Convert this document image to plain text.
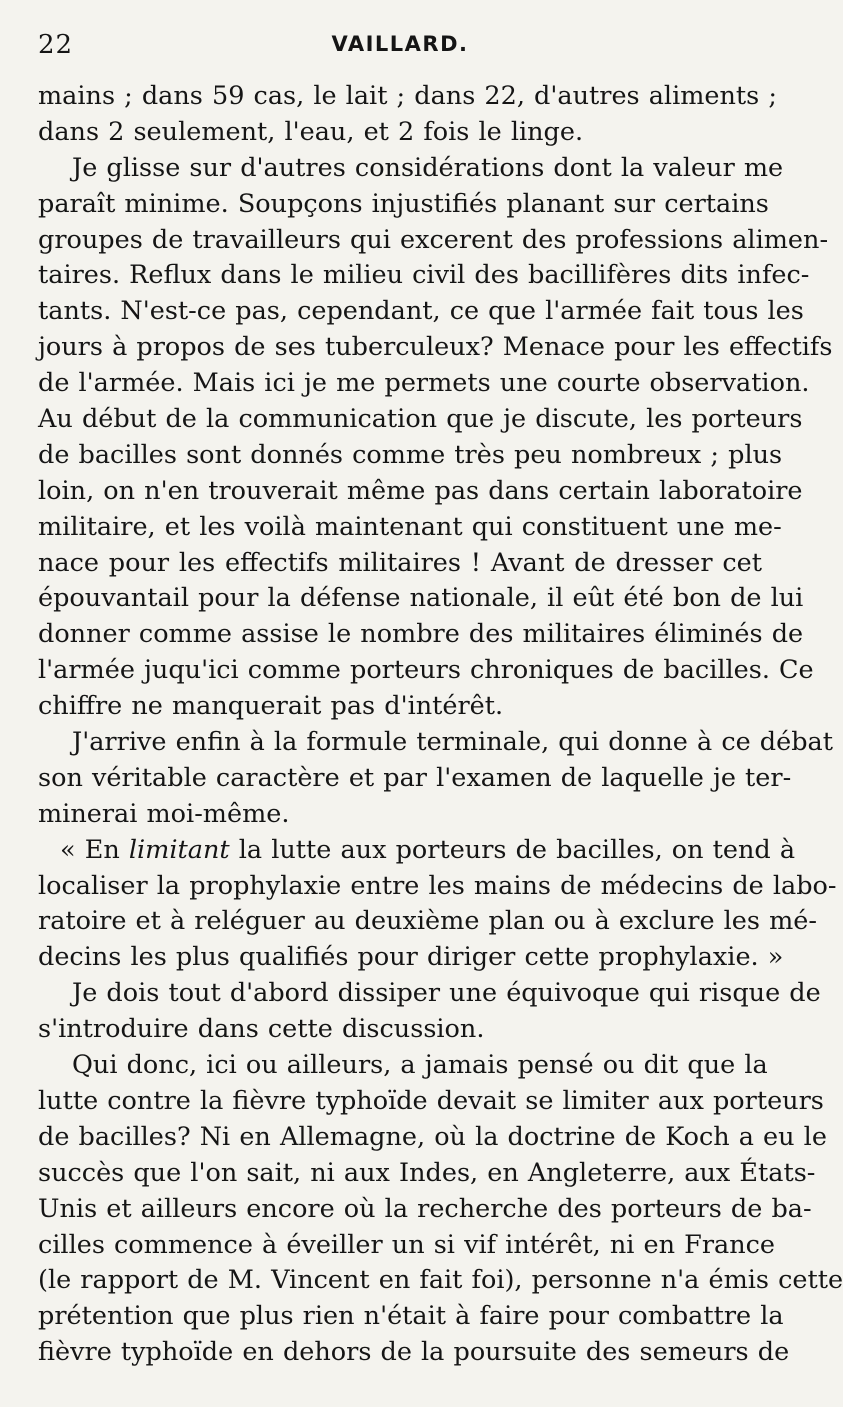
22	VAILLARD.
mains ; dans 59 cas, le lait ; dans 22, d'autres aliments ;
dans 2 seulement, l'eau, et 2 fois le linge.
Je glisse sur d'autres considérations dont la valeur me
paraît minime. Soupçons injustifiés planant sur certains
groupes de travailleurs qui excerent des professions alimen-
taires. Reflux dans le milieu civil des bacillifères dits infec-
tants. N'est-ce pas, cependant, ce que l'armée fait tous les
jours à propos de ses tuberculeux? Menace pour les effectifs
de l'armée. Mais ici je me permets une courte observation.
Au début de la communication que je discute, les porteurs
de bacilles sont donnés comme très peu nombreux ; plus
loin, on n'en trouverait même pas dans certain laboratoire
militaire, et les voilà maintenant qui constituent une me-
nace pour les effectifs militaires ! Avant de dresser cet
épouvantail pour la défense nationale, il eût été bon de lui
donner comme assise le nombre des militaires éliminés de
l'armée juqu'ici comme porteurs chroniques de bacilles. Ce
chiffre ne manquerait pas d'intérêt.
J'arrive enfin à la formule terminale, qui donne à ce débat
son véritable caractère et par l'examen de laquelle je ter-
minerai moi-même.
« En limitant la lutte aux porteurs de bacilles, on tend à
localiser la prophylaxie entre les mains de médecins de labo-
ratoire et à reléguer au deuxième plan ou à exclure les mé-
decins les plus qualifiés pour diriger cette prophylaxie. »
Je dois tout d'abord dissiper une équivoque qui risque de
s'introduire dans cette discussion.
Qui donc, ici ou ailleurs, a jamais pensé ou dit que la
lutte contre la fièvre typhoïde devait se limiter aux porteurs
de bacilles? Ni en Allemagne, où la doctrine de Koch a eu le
succès que l'on sait, ni aux Indes, en Angleterre, aux États-
Unis et ailleurs encore où la recherche des porteurs de ba-
cilles commence à éveiller un si vif intérêt, ni en France
(le rapport de M. Vincent en fait foi), personne n'a émis cette
prétention que plus rien n'était à faire pour combattre la
fièvre typhoïde en dehors de la poursuite des semeurs de
